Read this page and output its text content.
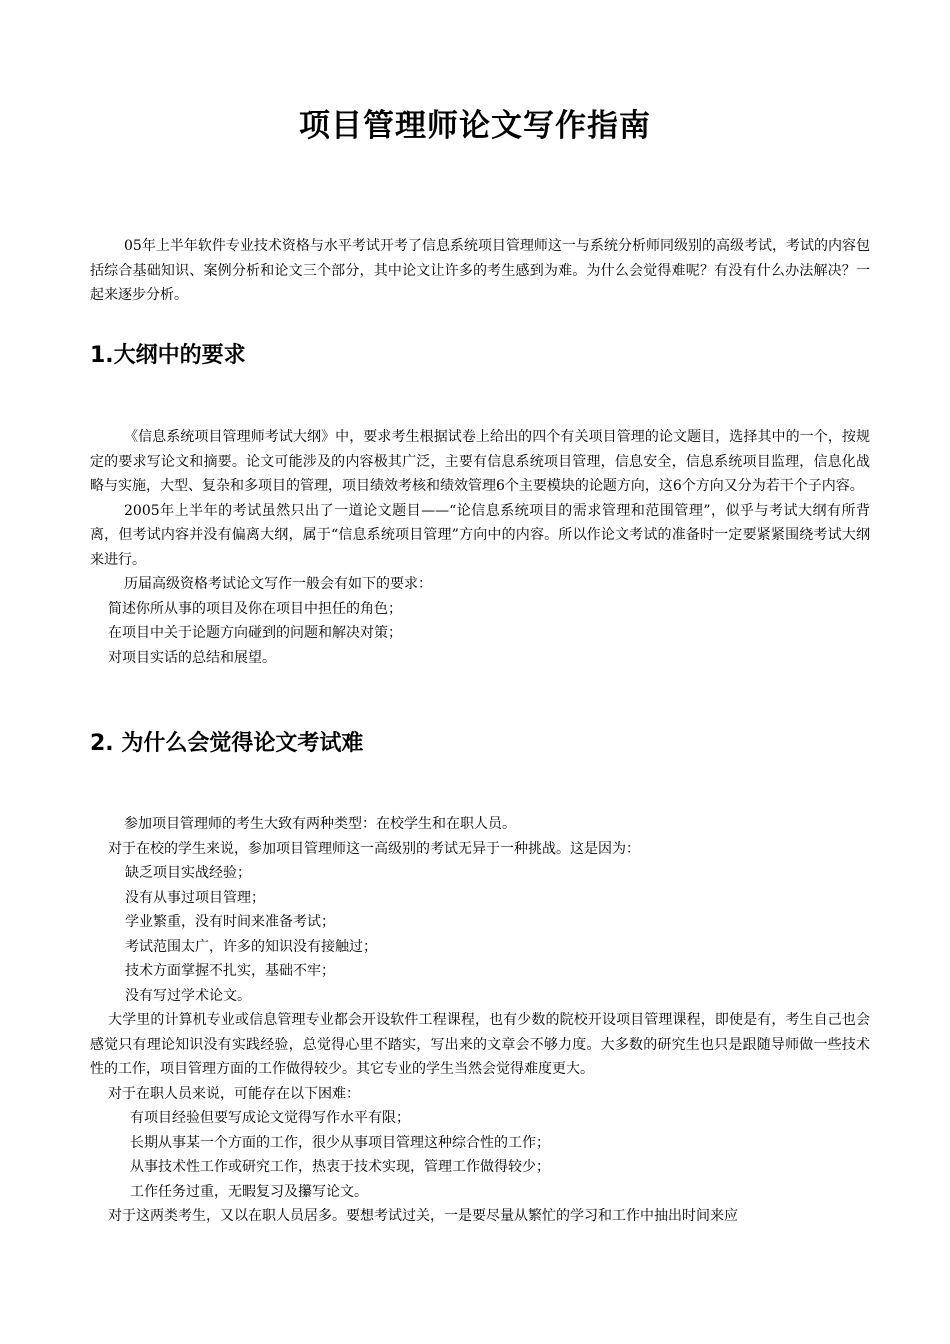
项目管理师论文写作指南

05年上半年软件专业技术资格与水平考试开考了信息系统项目管理师这一与系统分析师同级别的高级考试，考试的内容包括综合基础知识、案例分析和论文三个部分，其中论文让许多的考生感到为难。为什么会觉得难呢？有没有什么办法解决？一起来逐步分析。

1.大纲中的要求

《信息系统项目管理师考试大纲》中，要求考生根据试卷上给出的四个有关项目管理的论文题目，选择其中的一个，按规定的要求写论文和摘要。论文可能涉及的内容极其广泛，主要有信息系统项目管理，信息安全，信息系统项目监理，信息化战略与实施，大型、复杂和多项目的管理，项目绩效考核和绩效管理6个主要模块的论题方向，这6个方向又分为若干个子内容。

2005年上半年的考试虽然只出了一道论文题目——“论信息系统项目的需求管理和范围管理”，似乎与考试大纲有所背离，但考试内容并没有偏离大纲，属于“信息系统项目管理”方向中的内容。所以作论文考试的准备时一定要紧紧围绕考试大纲来进行。

历届高级资格考试论文写作一般会有如下的要求：

简述你所从事的项目及你在项目中担任的角色；

在项目中关于论题方向碰到的问题和解决对策；

对项目实话的总结和展望。

2. 为什么会觉得论文考试难

参加项目管理师的考生大致有两种类型：在校学生和在职人员。

对于在校的学生来说，参加项目管理师这一高级别的考试无异于一种挑战。这是因为：

缺乏项目实战经验；

没有从事过项目管理；

学业繁重，没有时间来准备考试；

考试范围太广，许多的知识没有接触过；

技术方面掌握不扎实，基础不牢；

没有写过学术论文。

大学里的计算机专业或信息管理专业都会开设软件工程课程，也有少数的院校开设项目管理课程，即使是有，考生自己也会感觉只有理论知识没有实践经验，总觉得心里不踏实，写出来的文章会不够力度。大多数的研究生也只是跟随导师做一些技术性的工作，项目管理方面的工作做得较少。其它专业的学生当然会觉得难度更大。

对于在职人员来说，可能存在以下困难：

有项目经验但要写成论文觉得写作水平有限；

长期从事某一个方面的工作，很少从事项目管理这种综合性的工作；

从事技术性工作或研究工作，热衷于技术实现，管理工作做得较少；

工作任务过重，无暇复习及攥写论文。

对于这两类考生，又以在职人员居多。要想考试过关，一是要尽量从繁忙的学习和工作中抽出时间来应
